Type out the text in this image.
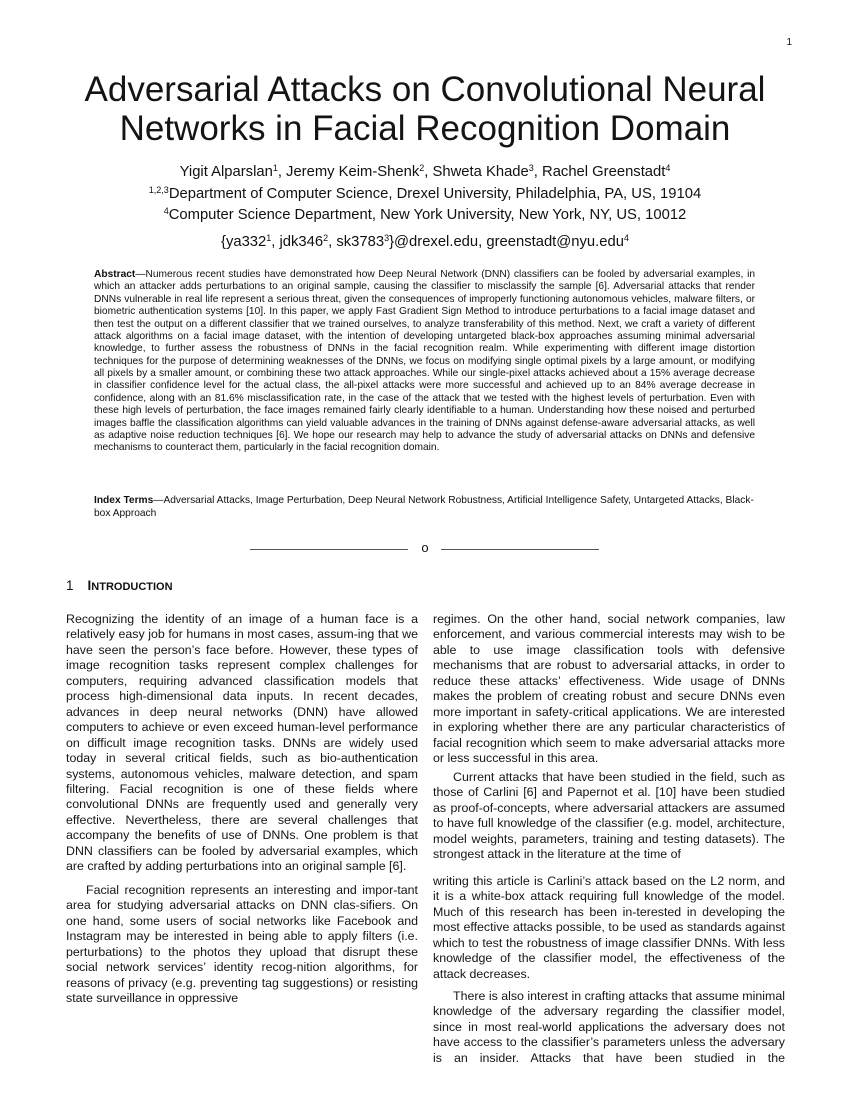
1
Adversarial Attacks on Convolutional Neural
Networks in Facial Recognition Domain
Yigit Alparslan$^1$, Jeremy Keim-Shenk$^2$, Shweta Khade$^3$, Rachel Greenstadt$^4$
$^{1,2,3}$Department of Computer Science, Drexel University, Philadelphia, PA, US, 19104
$^4$Computer Science Department, New York University, New York, NY, US, 10012
{$ya332^1$, $jdk346^2$, sk3783$^3$}@drexel.edu, greenstadt@nyu.edu$^4$

Abstract—Numerous recent studies have demonstrated how Deep Neural Network (DNN) classifiers can be fooled by adversarial examples, in which an attacker adds perturbations to an original sample, causing the classifier to misclassify the sample [6]. Adversarial attacks that render DNNs vulnerable in real life represent a serious threat, given the consequences of improperly functioning autonomous vehicles, malware filters, or biometric authentication systems [10]. In this paper, we apply Fast Gradient Sign Method to introduce perturbations to a facial image dataset and then test the output on a different classifier that we trained ourselves, to analyze transferability of this method. Next, we craft a variety of different attack algorithms on a facial image dataset, with the intention of developing untargeted black-box approaches assuming minimal adversarial knowledge, to further assess the robustness of DNNs in the facial recognition realm. While experimenting with different image distortion techniques for the purpose of determining weaknesses of the DNNs, we focus on modifying single optimal pixels by a large amount, or modifying all pixels by a smaller amount, or combining these two attack approaches. While our single-pixel attacks achieved about a 15% average decrease in classifier confidence level for the actual class, the all-pixel attacks were more successful and achieved up to an 84% average decrease in confidence, along with an 81.6% misclassification rate, in the case of the attack that we tested with the highest levels of perturbation. Even with these high levels of perturbation, the face images remained fairly clearly identifiable to a human. Understanding how these noised and perturbed images baffle the classification algorithms can yield valuable advances in the training of DNNs against defense-aware adversarial attacks, as well as adaptive noise reduction techniques [6]. We hope our research may help to advance the study of adversarial attacks on DNNs and defensive mechanisms to counteract them, particularly in the facial recognition domain.

Index Terms—Adversarial Attacks, Image Perturbation, Deep Neural Network Robustness, Artificial Intelligence Safety, Untargeted Attacks, Black-box Approach

o
1 INTRODUCTION

Recognizing the identity of an image of a human face is a relatively easy job for humans in most cases, assum-ing that we have seen the person’s face before. However, these types of image recognition tasks represent complex challenges for computers, requiring advanced classification models that process high-dimensional data inputs. In recent decades, advances in deep neural networks (DNN) have allowed computers to achieve or even exceed human-level performance on difficult image recognition tasks. DNNs are widely used today in several critical fields, such as bio-authentication systems, autonomous vehicles, malware detection, and spam filtering. Facial recognition is one of these fields where convolutional DNNs are frequently used and generally very effective. Nevertheless, there are several challenges that accompany the benefits of use of DNNs. One problem is that DNN classifiers can be fooled by adversarial examples, which are crafted by adding perturbations into an original sample [6].

Facial recognition represents an interesting and impor-tant area for studying adversarial attacks on DNN clas-sifiers. On one hand, some users of social networks like Facebook and Instagram may be interested in being able to apply filters (i.e. perturbations) to the photos they upload that disrupt these social network services’ identity recog-nition algorithms, for reasons of privacy (e.g. preventing tag suggestions) or resisting state surveillance in oppressive

regimes. On the other hand, social network companies, law enforcement, and various commercial interests may wish to be able to use image classification tools with defensive mechanisms that are robust to adversarial attacks, in order to reduce these attacks’ effectiveness. Wide usage of DNNs makes the problem of creating robust and secure DNNs even more important in safety-critical applications. We are interested in exploring whether there are any particular characteristics of facial recognition which seem to make adversarial attacks more or less successful in this area.

Current attacks that have been studied in the field, such as those of Carlini [6] and Papernot et al. [10] have been studied as proof-of-concepts, where adversarial attackers are assumed to have full knowledge of the classifier (e.g. model, architecture, model weights, parameters, training and testing datasets). The strongest attack in the literature at the time of

writing this article is Carlini’s attack based on the L2 norm, and it is a white-box attack requiring full knowledge of the model. Much of this research has been in-terested in developing the most effective attacks possible, to be used as standards against which to test the robustness of image classifier DNNs. With less knowledge of the classifier model, the effectiveness of the attack decreases.

There is also interest in crafting attacks that assume minimal knowledge of the adversary regarding the classifier model, since in most real-world applications the adversary does not have access to the classifier’s parameters unless the adversary is an insider. Attacks that have been studied in the
